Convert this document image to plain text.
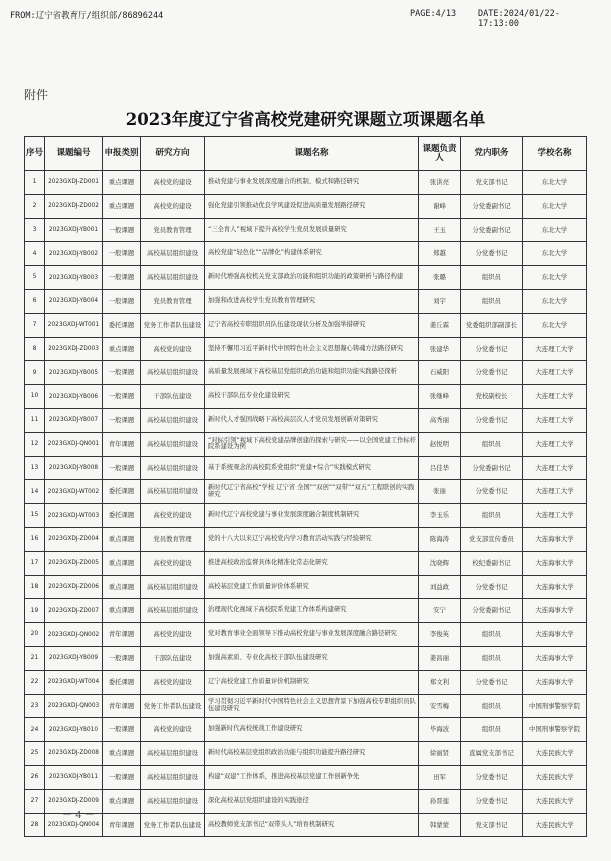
FROM:辽宁省教育厅/组织部/86896244	PAGE:4/13	DATE:2024/01/22-17:13:00
附件
2023年度辽宁省高校党建研究课题立项课题名单
序号	课题编号	申报类别	研究方向	课题名称	课题负责人	党内职务	学校名称
1	2023GXDJ-ZD001	重点课题	高校党的建设	推动党建与事业发展深度融合的机制、模式和路径研究	张洪亮	党支部书记	东北大学
2	2023GXDJ-ZD002	重点课题	高校党的建设	强化党建引领推动优良学风建设促进高质量发展路径研究	谢峰	分党委副书记	东北大学
3	2023GXDJ-YB001	一般课题	党员教育管理	“三全育人”视域下提升高校学生党员发展质量研究	王玉	分党委副书记	东北大学
4	2023GXDJ-YB002	一般课题	高校基层组织建设	高校党建“轻色化”“品牌化”构建体系研究	郑越	分党委书记	东北大学
5	2023GXDJ-YB003	一般课题	高校基层组织建设	新时代增强高校机关党支部政治功能和组织功能的政策研析与路径构建	张璐	组织员	东北大学
6	2023GXDJ-YB004	一般课题	党员教育管理	加强和改进高校学生党员教育管理研究	刘宇	组织员	东北大学
7	2023GXDJ-WT001	委托课题	党务工作者队伍建设	辽宁省高校专职组织员队伍建设现状分析及加强举措研究	姜丘霖	党委组织部副部长	东北大学
8	2023GXDJ-ZD003	重点课题	高校党的建设	坚持不懈用习近平新时代中国特色社会主义思想凝心铸魂方法路径研究	张建华	分党委书记	大连理工大学
9	2023GXDJ-YB005	一般课题	高校基层组织建设	高质量发展视域下高校基层党组织政治功能和组织功能实践路径探析	石威阳	分党委书记	大连理工大学
10	2023GXDJ-YB006	一般课题	干部队伍建设	高校干部队伍专业化建设研究	张继峰	党校副校长	大连理工大学
11	2023GXDJ-YB007	一般课题	高校基层组织建设	新时代人才强国战略下高校高层次人才党员发展创新对策研究	高秀丽	分党委书记	大连理工大学
12	2023GXDJ-QN001	青年课题	高校基层组织建设	“对标引领”视域下高校党建品牌创建的探索与研究——以全国党建工作标杆院系建设为例	赵悦明	组织员	大连理工大学
13	2023GXDJ-YB008	一般课题	高校基层组织建设	基于系统观念的高校院系党组织“党建+综合”实践模式研究	吕佳华	分党委副书记	大连理工大学
14	2023GXDJ-WT002	委托课题	高校基层组织建设	新时代辽宁省高校“学校 辽宁省 全国”“双创”“双带”“双五”工程联创的实践研究	张丽	分党委书记	大连理工大学
15	2023GXDJ-WT003	委托课题	高校党的建设	新时代辽宁高校党建与事业发展深度融合制度机制研究	李玉乐	组织员	大连理工大学
16	2023GXDJ-ZD004	重点课题	党员教育管理	党的十八大以来辽宁高校党内学习教育活动实践与经验研究	陈海涛	党支部宣传委员	大连海事大学
17	2023GXDJ-ZD005	重点课题	高校党的建设	推进高校政治监督具体化精准化常态化研究	沈晓辉	校纪委副书记	大连海事大学
18	2023GXDJ-ZD006	重点课题	高校基层组织建设	高校基层党建工作质量评价体系研究	刘益政	分党委书记	大连海事大学
19	2023GXDJ-ZD007	重点课题	高校基层组织建设	治理现代化视域下高校院系党建工作体系构建研究	安宁	分党委副书记	大连海事大学
20	2023GXDJ-QN002	青年课题	高校党的建设	党对教育事业全面领导下推动高校党建与事业发展深度融合路径研究	李俊英	组织员	大连海事大学
21	2023GXDJ-YB009	一般课题	干部队伍建设	加强高素质、专业化高校干部队伍建设研究	姜昌丽	组织员	大连海事大学
22	2023GXDJ-WT004	委托课题	高校党的建设	辽宁高校党建工作质量评价机制研究	郑文利	分党委书记	大连海事大学
23	2023GXDJ-QN003	青年课题	党务工作者队伍建设	学习贯彻习近平新时代中国特色社会主义思想背景下加强高校专职组织员队伍建设研究	安雪梅	组织员	中国刑事警察学院
24	2023GXDJ-YB010	一般课题	高校党的建设	加强新时代高校统战工作建设研究	毕海波	组织员	中国刑事警察学院
25	2023GXDJ-ZD008	重点课题	高校基层组织建设	新时代高校基层党组织政治功能与组织功能提升路径研究	徐丽贤	直属党支部书记	大连民族大学
26	2023GXDJ-YB011	一般课题	高校基层组织建设	构建“双建”工作体系，推进高校基层党建工作创新争先	田军	分党委书记	大连民族大学
27	2023GXDJ-ZD009	重点课题	高校基层组织建设	深化高校基层党组织建设的实践途径	孙晋莲	分党委书记	大连民族大学
28	2023GXDJ-QN004	青年课题	党务工作者队伍建设	高校教师党支部书记“双带头人”培育机制研究	韩蒙蒙	党支部书记	大连民族大学
－ 4 －
